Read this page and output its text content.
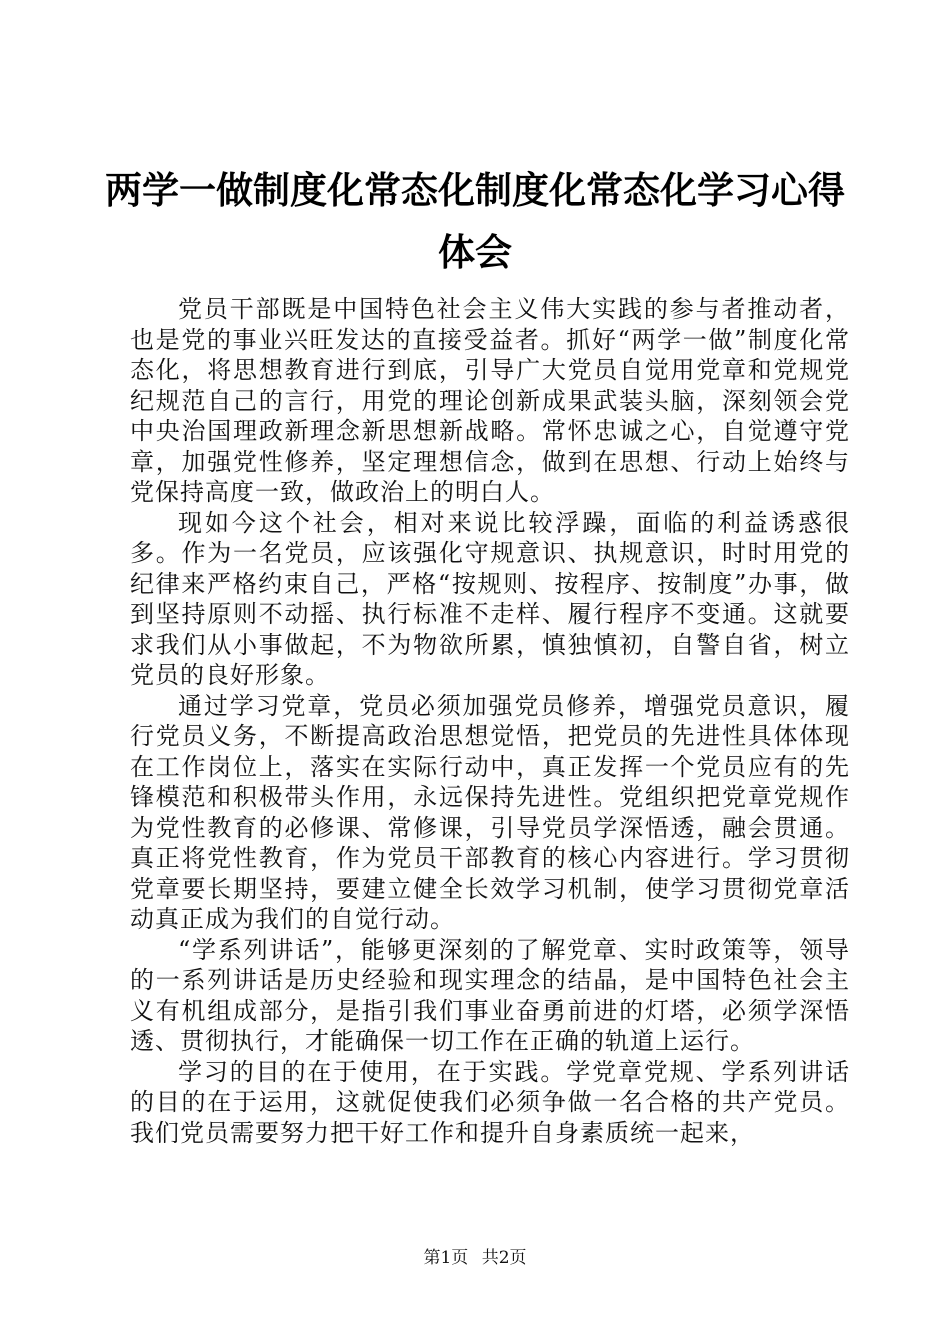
两学一做制度化常态化制度化常态化学习心得体会

党员干部既是中国特色社会主义伟大实践的参与者推动者，也是党的事业兴旺发达的直接受益者。抓好“两学一做”制度化常态化，将思想教育进行到底，引导广大党员自觉用党章和党规党纪规范自己的言行，用党的理论创新成果武装头脑，深刻领会党中央治国理政新理念新思想新战略。常怀忠诚之心，自觉遵守党章，加强党性修养，坚定理想信念，做到在思想、行动上始终与党保持高度一致，做政治上的明白人。

现如今这个社会，相对来说比较浮躁，面临的利益诱惑很多。作为一名党员，应该强化守规意识、执规意识，时时用党的纪律来严格约束自己，严格“按规则、按程序、按制度”办事，做到坚持原则不动摇、执行标准不走样、履行程序不变通。这就要求我们从小事做起，不为物欲所累，慎独慎初，自警自省，树立党员的良好形象。

通过学习党章，党员必须加强党员修养，增强党员意识，履行党员义务，不断提高政治思想觉悟，把党员的先进性具体体现在工作岗位上，落实在实际行动中，真正发挥一个党员应有的先锋模范和积极带头作用，永远保持先进性。党组织把党章党规作为党性教育的必修课、常修课，引导党员学深悟透，融会贯通。真正将党性教育，作为党员干部教育的核心内容进行。学习贯彻党章要长期坚持，要建立健全长效学习机制，使学习贯彻党章活动真正成为我们的自觉行动。

“学系列讲话”，能够更深刻的了解党章、实时政策等，领导的一系列讲话是历史经验和现实理念的结晶，是中国特色社会主义有机组成部分，是指引我们事业奋勇前进的灯塔，必须学深悟透、贯彻执行，才能确保一切工作在正确的轨道上运行。

学习的目的在于使用，在于实践。学党章党规、学系列讲话的目的在于运用，这就促使我们必须争做一名合格的共产党员。我们党员需要努力把干好工作和提升自身素质统一起来，

第1页 共2页
